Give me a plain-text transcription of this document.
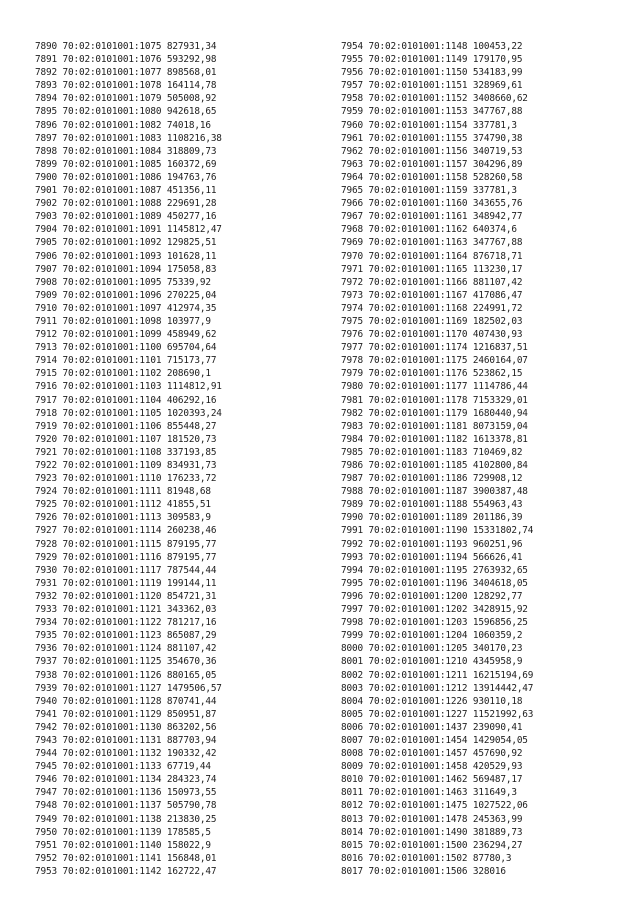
7890 70:02:0101001:1075 827931,34
7891 70:02:0101001:1076 593292,98
7892 70:02:0101001:1077 898568,01
7893 70:02:0101001:1078 164114,78
7894 70:02:0101001:1079 505008,92
7895 70:02:0101001:1080 942618,65
7896 70:02:0101001:1082 74018,16
7897 70:02:0101001:1083 1108216,38
7898 70:02:0101001:1084 318809,73
7899 70:02:0101001:1085 160372,69
7900 70:02:0101001:1086 194763,76
7901 70:02:0101001:1087 451356,11
7902 70:02:0101001:1088 229691,28
7903 70:02:0101001:1089 450277,16
7904 70:02:0101001:1091 1145812,47
7905 70:02:0101001:1092 129825,51
7906 70:02:0101001:1093 101628,11
7907 70:02:0101001:1094 175058,83
7908 70:02:0101001:1095 75339,92
7909 70:02:0101001:1096 270225,04
7910 70:02:0101001:1097 412974,35
7911 70:02:0101001:1098 103977,9
7912 70:02:0101001:1099 458949,62
7913 70:02:0101001:1100 695704,64
7914 70:02:0101001:1101 715173,77
7915 70:02:0101001:1102 208690,1
7916 70:02:0101001:1103 1114812,91
7917 70:02:0101001:1104 406292,16
7918 70:02:0101001:1105 1020393,24
7919 70:02:0101001:1106 855448,27
7920 70:02:0101001:1107 181520,73
7921 70:02:0101001:1108 337193,85
7922 70:02:0101001:1109 834931,73
7923 70:02:0101001:1110 176233,72
7924 70:02:0101001:1111 81948,68
7925 70:02:0101001:1112 41855,51
7926 70:02:0101001:1113 309583,9
7927 70:02:0101001:1114 260238,46
7928 70:02:0101001:1115 879195,77
7929 70:02:0101001:1116 879195,77
7930 70:02:0101001:1117 787544,44
7931 70:02:0101001:1119 199144,11
7932 70:02:0101001:1120 854721,31
7933 70:02:0101001:1121 343362,03
7934 70:02:0101001:1122 781217,16
7935 70:02:0101001:1123 865087,29
7936 70:02:0101001:1124 881107,42
7937 70:02:0101001:1125 354670,36
7938 70:02:0101001:1126 880165,05
7939 70:02:0101001:1127 1479506,57
7940 70:02:0101001:1128 870741,44
7941 70:02:0101001:1129 850951,87
7942 70:02:0101001:1130 863202,56
7943 70:02:0101001:1131 887703,94
7944 70:02:0101001:1132 190332,42
7945 70:02:0101001:1133 67719,44
7946 70:02:0101001:1134 284323,74
7947 70:02:0101001:1136 150973,55
7948 70:02:0101001:1137 505790,78
7949 70:02:0101001:1138 213830,25
7950 70:02:0101001:1139 178585,5
7951 70:02:0101001:1140 158022,9
7952 70:02:0101001:1141 156848,01
7953 70:02:0101001:1142 162722,47
7954 70:02:0101001:1148 100453,22
7955 70:02:0101001:1149 179170,95
7956 70:02:0101001:1150 534183,99
7957 70:02:0101001:1151 328969,61
7958 70:02:0101001:1152 3408660,62
7959 70:02:0101001:1153 347767,88
7960 70:02:0101001:1154 337781,3
7961 70:02:0101001:1155 374790,38
7962 70:02:0101001:1156 340719,53
7963 70:02:0101001:1157 304296,89
7964 70:02:0101001:1158 528260,58
7965 70:02:0101001:1159 337781,3
7966 70:02:0101001:1160 343655,76
7967 70:02:0101001:1161 348942,77
7968 70:02:0101001:1162 640374,6
7969 70:02:0101001:1163 347767,88
7970 70:02:0101001:1164 876718,71
7971 70:02:0101001:1165 113230,17
7972 70:02:0101001:1166 881107,42
7973 70:02:0101001:1167 417086,47
7974 70:02:0101001:1168 224991,72
7975 70:02:0101001:1169 182502,03
7976 70:02:0101001:1170 407430,93
7977 70:02:0101001:1174 1216837,51
7978 70:02:0101001:1175 2460164,07
7979 70:02:0101001:1176 523862,15
7980 70:02:0101001:1177 1114786,44
7981 70:02:0101001:1178 7153329,01
7982 70:02:0101001:1179 1680440,94
7983 70:02:0101001:1181 8073159,04
7984 70:02:0101001:1182 1613378,81
7985 70:02:0101001:1183 710469,82
7986 70:02:0101001:1185 4102800,84
7987 70:02:0101001:1186 729908,12
7988 70:02:0101001:1187 3900387,48
7989 70:02:0101001:1188 554963,43
7990 70:02:0101001:1189 201186,39
7991 70:02:0101001:1190 15331802,74
7992 70:02:0101001:1193 960251,96
7993 70:02:0101001:1194 566626,41
7994 70:02:0101001:1195 2763932,65
7995 70:02:0101001:1196 3404618,05
7996 70:02:0101001:1200 128292,77
7997 70:02:0101001:1202 3428915,92
7998 70:02:0101001:1203 1596856,25
7999 70:02:0101001:1204 1060359,2
8000 70:02:0101001:1205 340170,23
8001 70:02:0101001:1210 4345958,9
8002 70:02:0101001:1211 16215194,69
8003 70:02:0101001:1212 13914442,47
8004 70:02:0101001:1226 930110,18
8005 70:02:0101001:1227 11521992,63
8006 70:02:0101001:1437 239090,41
8007 70:02:0101001:1454 1429054,05
8008 70:02:0101001:1457 457690,92
8009 70:02:0101001:1458 420529,93
8010 70:02:0101001:1462 569487,17
8011 70:02:0101001:1463 311649,3
8012 70:02:0101001:1475 1027522,06
8013 70:02:0101001:1478 245363,99
8014 70:02:0101001:1490 381889,73
8015 70:02:0101001:1500 236294,27
8016 70:02:0101001:1502 87780,3
8017 70:02:0101001:1506 328016
